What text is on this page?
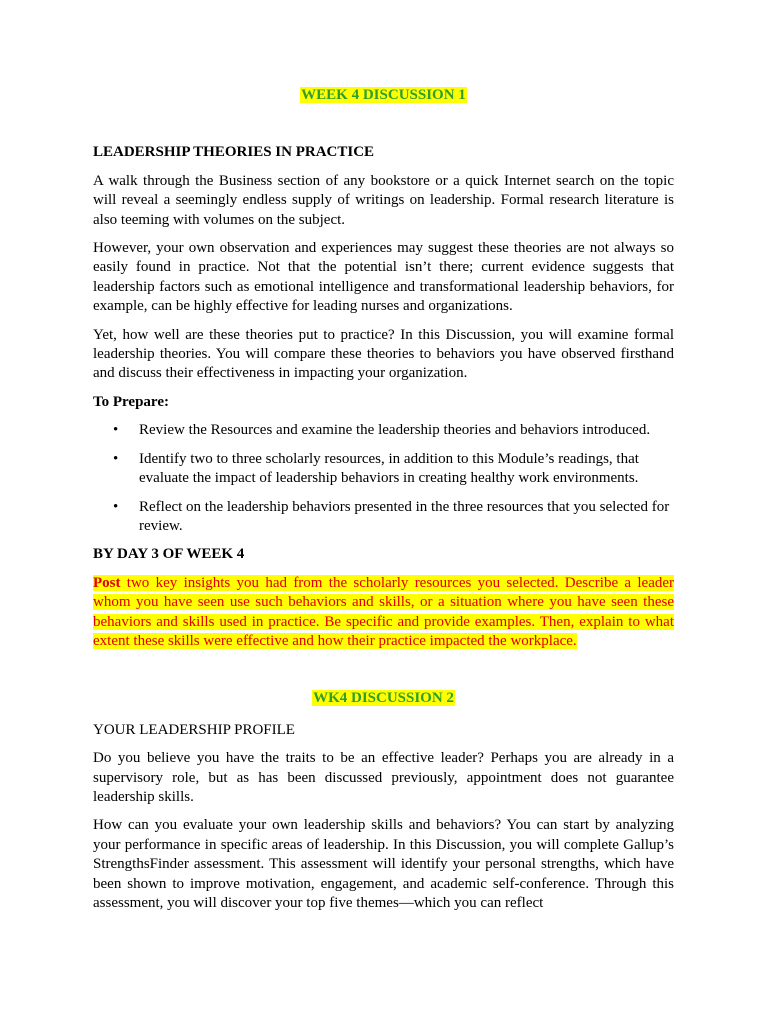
WEEK 4 DISCUSSION 1

LEADERSHIP THEORIES IN PRACTICE

A walk through the Business section of any bookstore or a quick Internet search on the topic will reveal a seemingly endless supply of writings on leadership. Formal research literature is also teeming with volumes on the subject.

However, your own observation and experiences may suggest these theories are not always so easily found in practice. Not that the potential isn’t there; current evidence suggests that leadership factors such as emotional intelligence and transformational leadership behaviors, for example, can be highly effective for leading nurses and organizations.

Yet, how well are these theories put to practice? In this Discussion, you will examine formal leadership theories. You will compare these theories to behaviors you have observed firsthand and discuss their effectiveness in impacting your organization.

To Prepare:

• Review the Resources and examine the leadership theories and behaviors introduced.
• Identify two to three scholarly resources, in addition to this Module’s readings, that evaluate the impact of leadership behaviors in creating healthy work environments.
• Reflect on the leadership behaviors presented in the three resources that you selected for review.

BY DAY 3 OF WEEK 4

Post two key insights you had from the scholarly resources you selected. Describe a leader whom you have seen use such behaviors and skills, or a situation where you have seen these behaviors and skills used in practice. Be specific and provide examples. Then, explain to what extent these skills were effective and how their practice impacted the workplace.

WK4 DISCUSSION 2

YOUR LEADERSHIP PROFILE

Do you believe you have the traits to be an effective leader? Perhaps you are already in a supervisory role, but as has been discussed previously, appointment does not guarantee leadership skills.

How can you evaluate your own leadership skills and behaviors? You can start by analyzing your performance in specific areas of leadership. In this Discussion, you will complete Gallup’s StrengthsFinder assessment. This assessment will identify your personal strengths, which have been shown to improve motivation, engagement, and academic self-conference. Through this assessment, you will discover your top five themes—which you can reflect
